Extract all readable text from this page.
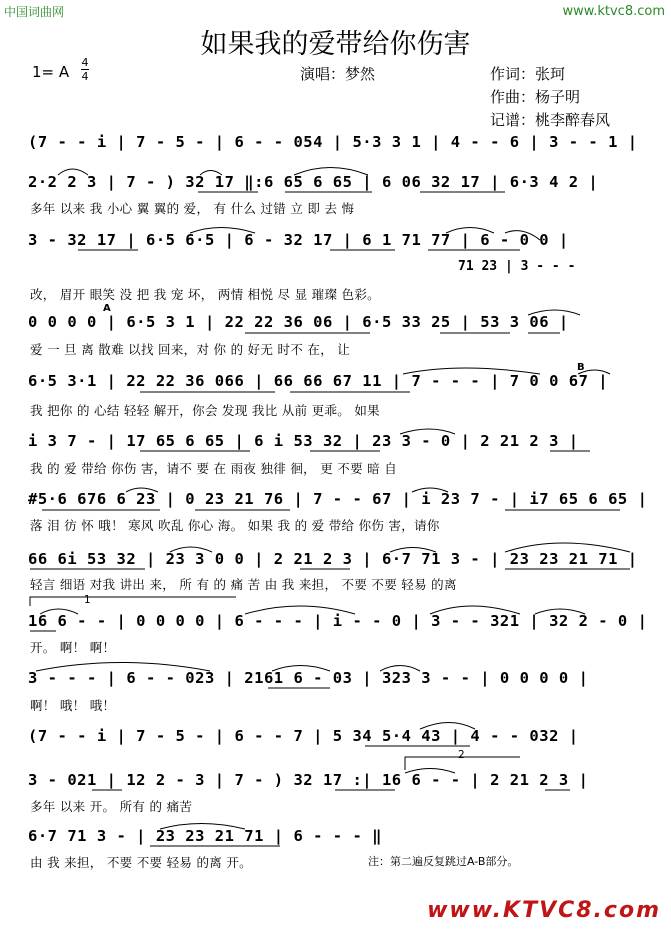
中国词曲网	www.ktvc8.com
如果我的爱带给你伤害
1= A
4
4	演唱：梦然	作词：张珂
作曲：杨子明
记谱：桃李醉春风
(7 - - i | 7 - 5 - | 6 - - 054 | 5·3 3 1 | 4 - - 6 | 3 - - 1 |
2·2 2 3 | 7 - ) 32 17 ‖:6 65 6 65 | 6 06 32 17 | 6·3 4 2 |
多年 以来 我 小心 翼 翼的 爱， 有 什么 过错 立 即 去 悔
3 - 32 17 | 6·5 6·5 | 6 - 32 17 | 6 1 71 77 | 6 - 0 0 |
改， 眉开 眼笑 没 把 我 宠 坏， 两情 相悦 尽 显 璀璨 色彩。
0 0 0 0 | 6·5 3 1 | 22 22 36 06 | 6·5 33 25 | 53 3 06 |
爱 一 旦 离 散难 以找 回来，对 你 的 好无 时不 在， 让
6·5 3·1 | 22 22 36 066 | 66 66 67 11 | 7 - - - | 7 0 0 67 |
我 把你 的 心结 轻轻 解开，你会 发现 我比 从前 更乖。 如果
i 3 7 - | 17 65 6 65 | 6 i 53 32 | 23 3 - 0 | 2 21 2 3 |
我 的 爱 带给 你伤 害，请不 要 在 雨夜 独徘 徊， 更 不要 暗 自
#5·6 676 6 23 | 0 23 21 76 | 7 - - 67 | i 23 7 - | i7 65 6 65 |
落 泪 彷 怀 哦！ 寒风 吹乱 你心 海。 如果 我 的 爱 带给 你伤 害，请你
66 6i 53 32 | 23 3 0 0 | 2 21 2 3 | 6·7 71 3 - | 23 23 21 71 |
轻言 细语 对我 讲出 来， 所 有 的 痛 苦 由 我 来担， 不要 不要 轻易 的离
16 6 - - | 0 0 0 0 | 6 - - - | i - - 0 | 3 - - 321 | 32 2 - 0 |
开。 啊！ 啊！
3 - - - | 6 - - 023 | 2161 6 - 03 | 323 3 - - | 0 0 0 0 |
啊！ 哦！ 哦！
(7 - - i | 7 - 5 - | 6 - - 7 | 5 34 5·4 43 | 4 - - 032 |
3 - 021 | 12 2 - 3 | 7 - ) 32 17 :| 16 6 - - | 2 21 2 3 |
多年 以来 开。 所有 的 痛苦
6·7 71 3 - | 23 23 21 71 | 6 - - - ‖
由 我 来担， 不要 不要 轻易 的离 开。
71 23 | 3 - - -
A
B
1
2
注：第二遍反复跳过A-B部分。
www.KTVC8.com
